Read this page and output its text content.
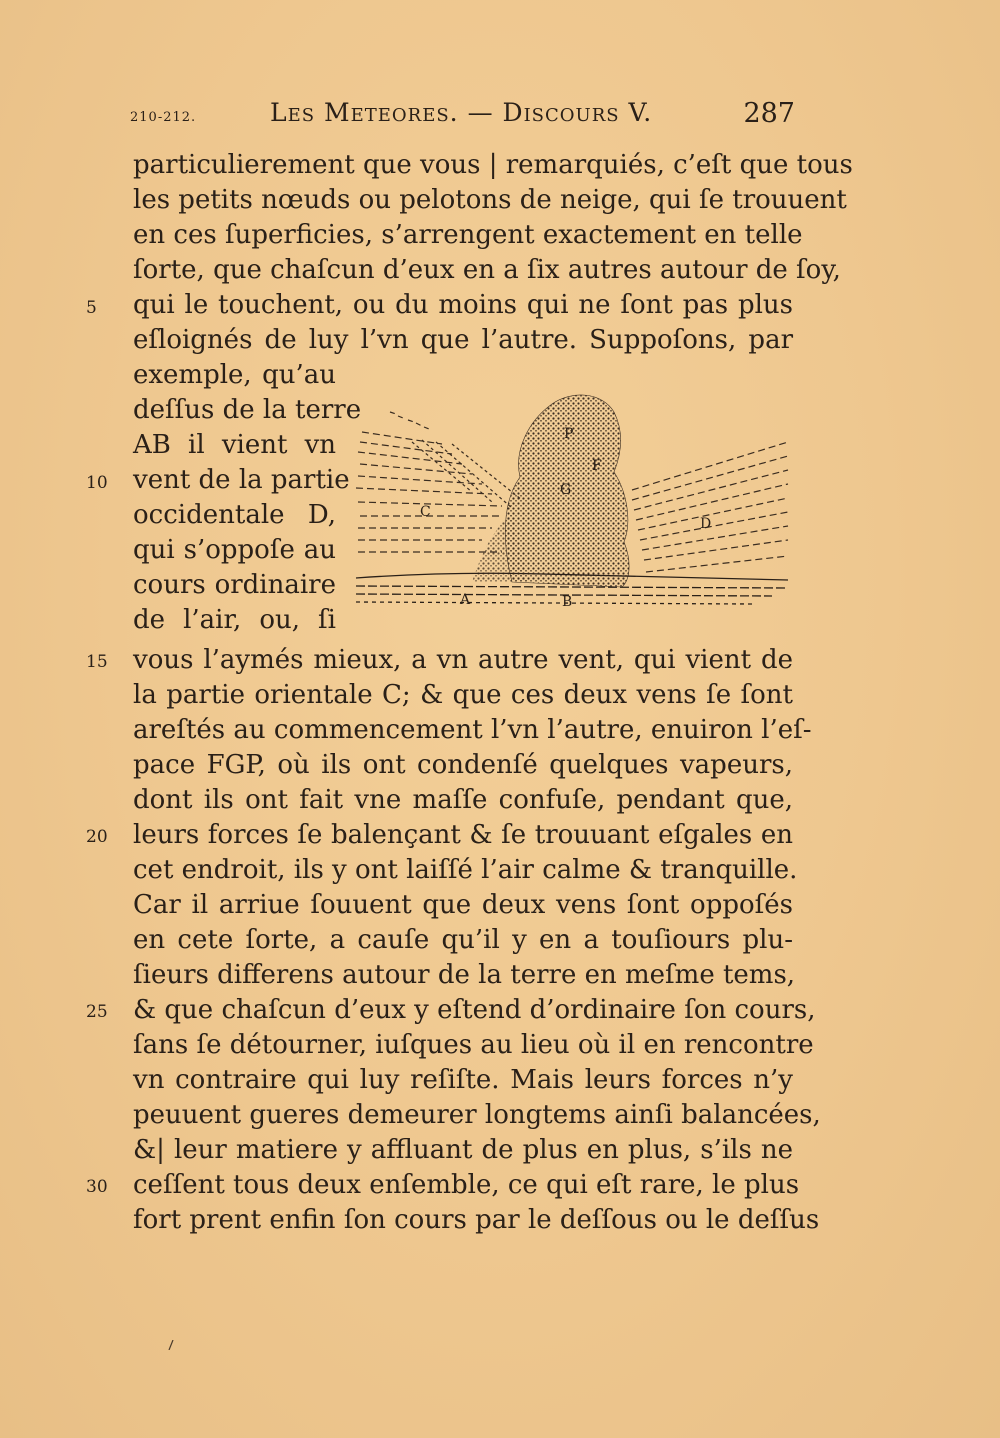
210-212.	Les Meteores. — Discours V.	287
particulierement que vous | remarquiés, c’eſt que tous
les petits nœuds ou pelotons de neige, qui ſe trouuent
en ces ſuperficies, s’arrengent exactement en telle
ſorte, que chaſcun d’eux en a ſix autres autour de ſoy,
qui le touchent, ou du moins qui ne ſont pas plus
eſloignés de luy l’vn que l’autre. Suppoſons, par
exemple, qu’au
deſſus de la terre
AB il vient vn
vent de la partie
occidentale D,
qui s’oppoſe au
cours ordinaire
de l’air, ou, ſi
vous l’aymés mieux, a vn autre vent, qui vient de
la partie orientale C; & que ces deux vens ſe ſont
areſtés au commencement l’vn l’autre, enuiron l’eſ-
pace FGP, où ils ont condenſé quelques vapeurs,
dont ils ont fait vne maſſe confuſe, pendant que,
leurs forces ſe balençant & ſe trouuant eſgales en
cet endroit, ils y ont laiſſé l’air calme & tranquille.
Car il arriue ſouuent que deux vens ſont oppoſés
en cete ſorte, a cauſe qu’il y en a touſiours plu-
ſieurs differens autour de la terre en meſme tems,
& que chaſcun d’eux y eſtend d’ordinaire ſon cours,
ſans ſe détourner, iuſques au lieu où il en rencontre
vn contraire qui luy reſiſte. Mais leurs forces n’y
peuuent gueres demeurer longtems ainſi balancées,
&| leur matiere y affluant de plus en plus, s’ils ne
ceſſent tous deux enſemble, ce qui eſt rare, le plus
fort prent enfin ſon cours par le deſſous ou le deſſus
5
10
15
20
25
30
P
G
F
C
D
A	B
